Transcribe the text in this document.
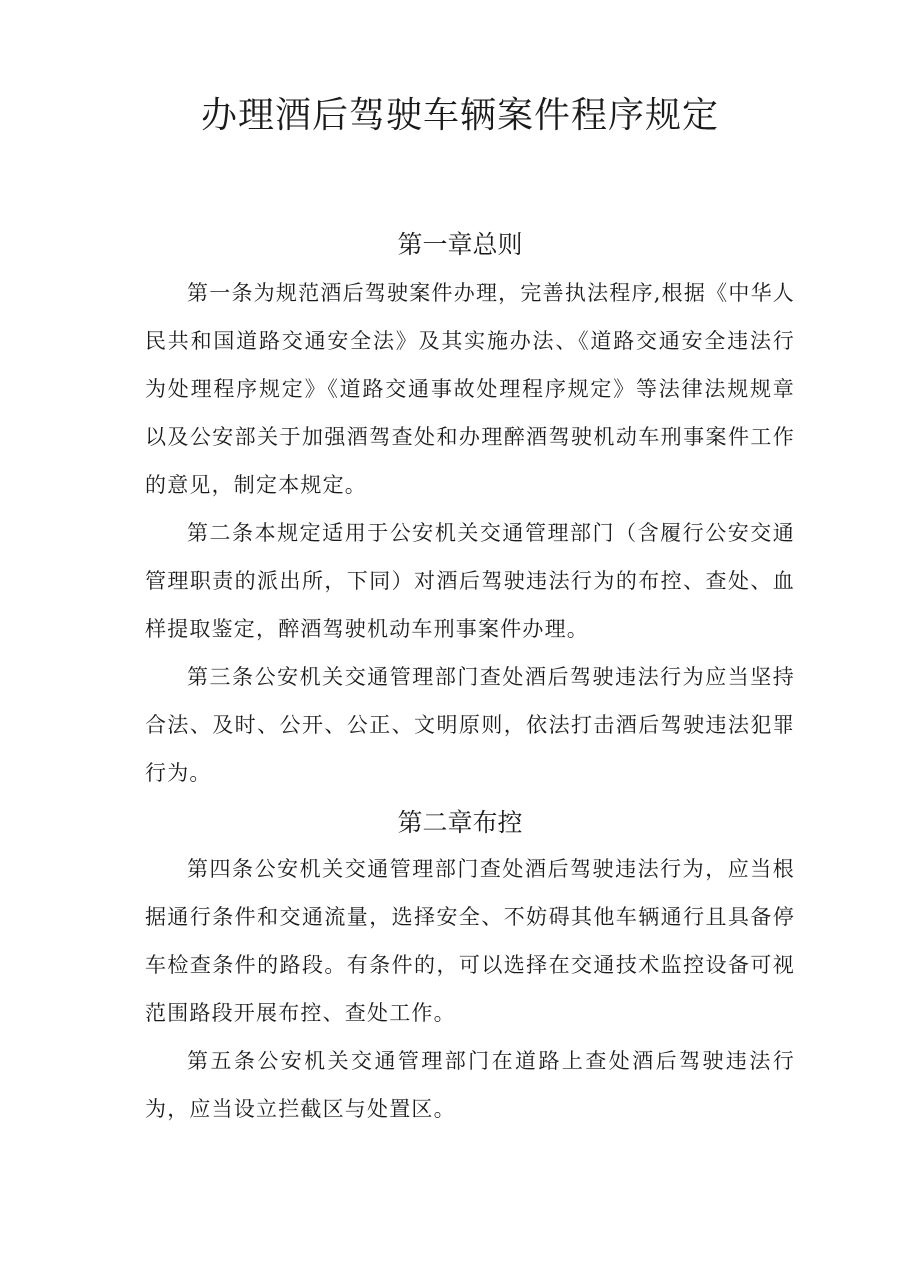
办理酒后驾驶车辆案件程序规定
第一章总则

第一条为规范酒后驾驶案件办理，完善执法程序,根据《中华人民共和国道路交通安全法》及其实施办法、《道路交通安全违法行为处理程序规定》《道路交通事故处理程序规定》等法律法规规章以及公安部关于加强酒驾查处和办理醉酒驾驶机动车刑事案件工作的意见，制定本规定。

第二条本规定适用于公安机关交通管理部门（含履行公安交通管理职责的派出所，下同）对酒后驾驶违法行为的布控、查处、血样提取鉴定，醉酒驾驶机动车刑事案件办理。

第三条公安机关交通管理部门查处酒后驾驶违法行为应当坚持合法、及时、公开、公正、文明原则，依法打击酒后驾驶违法犯罪行为。

第二章布控

第四条公安机关交通管理部门查处酒后驾驶违法行为，应当根据通行条件和交通流量，选择安全、不妨碍其他车辆通行且具备停车检查条件的路段。有条件的，可以选择在交通技术监控设备可视范围路段开展布控、查处工作。

第五条公安机关交通管理部门在道路上查处酒后驾驶违法行为，应当设立拦截区与处置区。
